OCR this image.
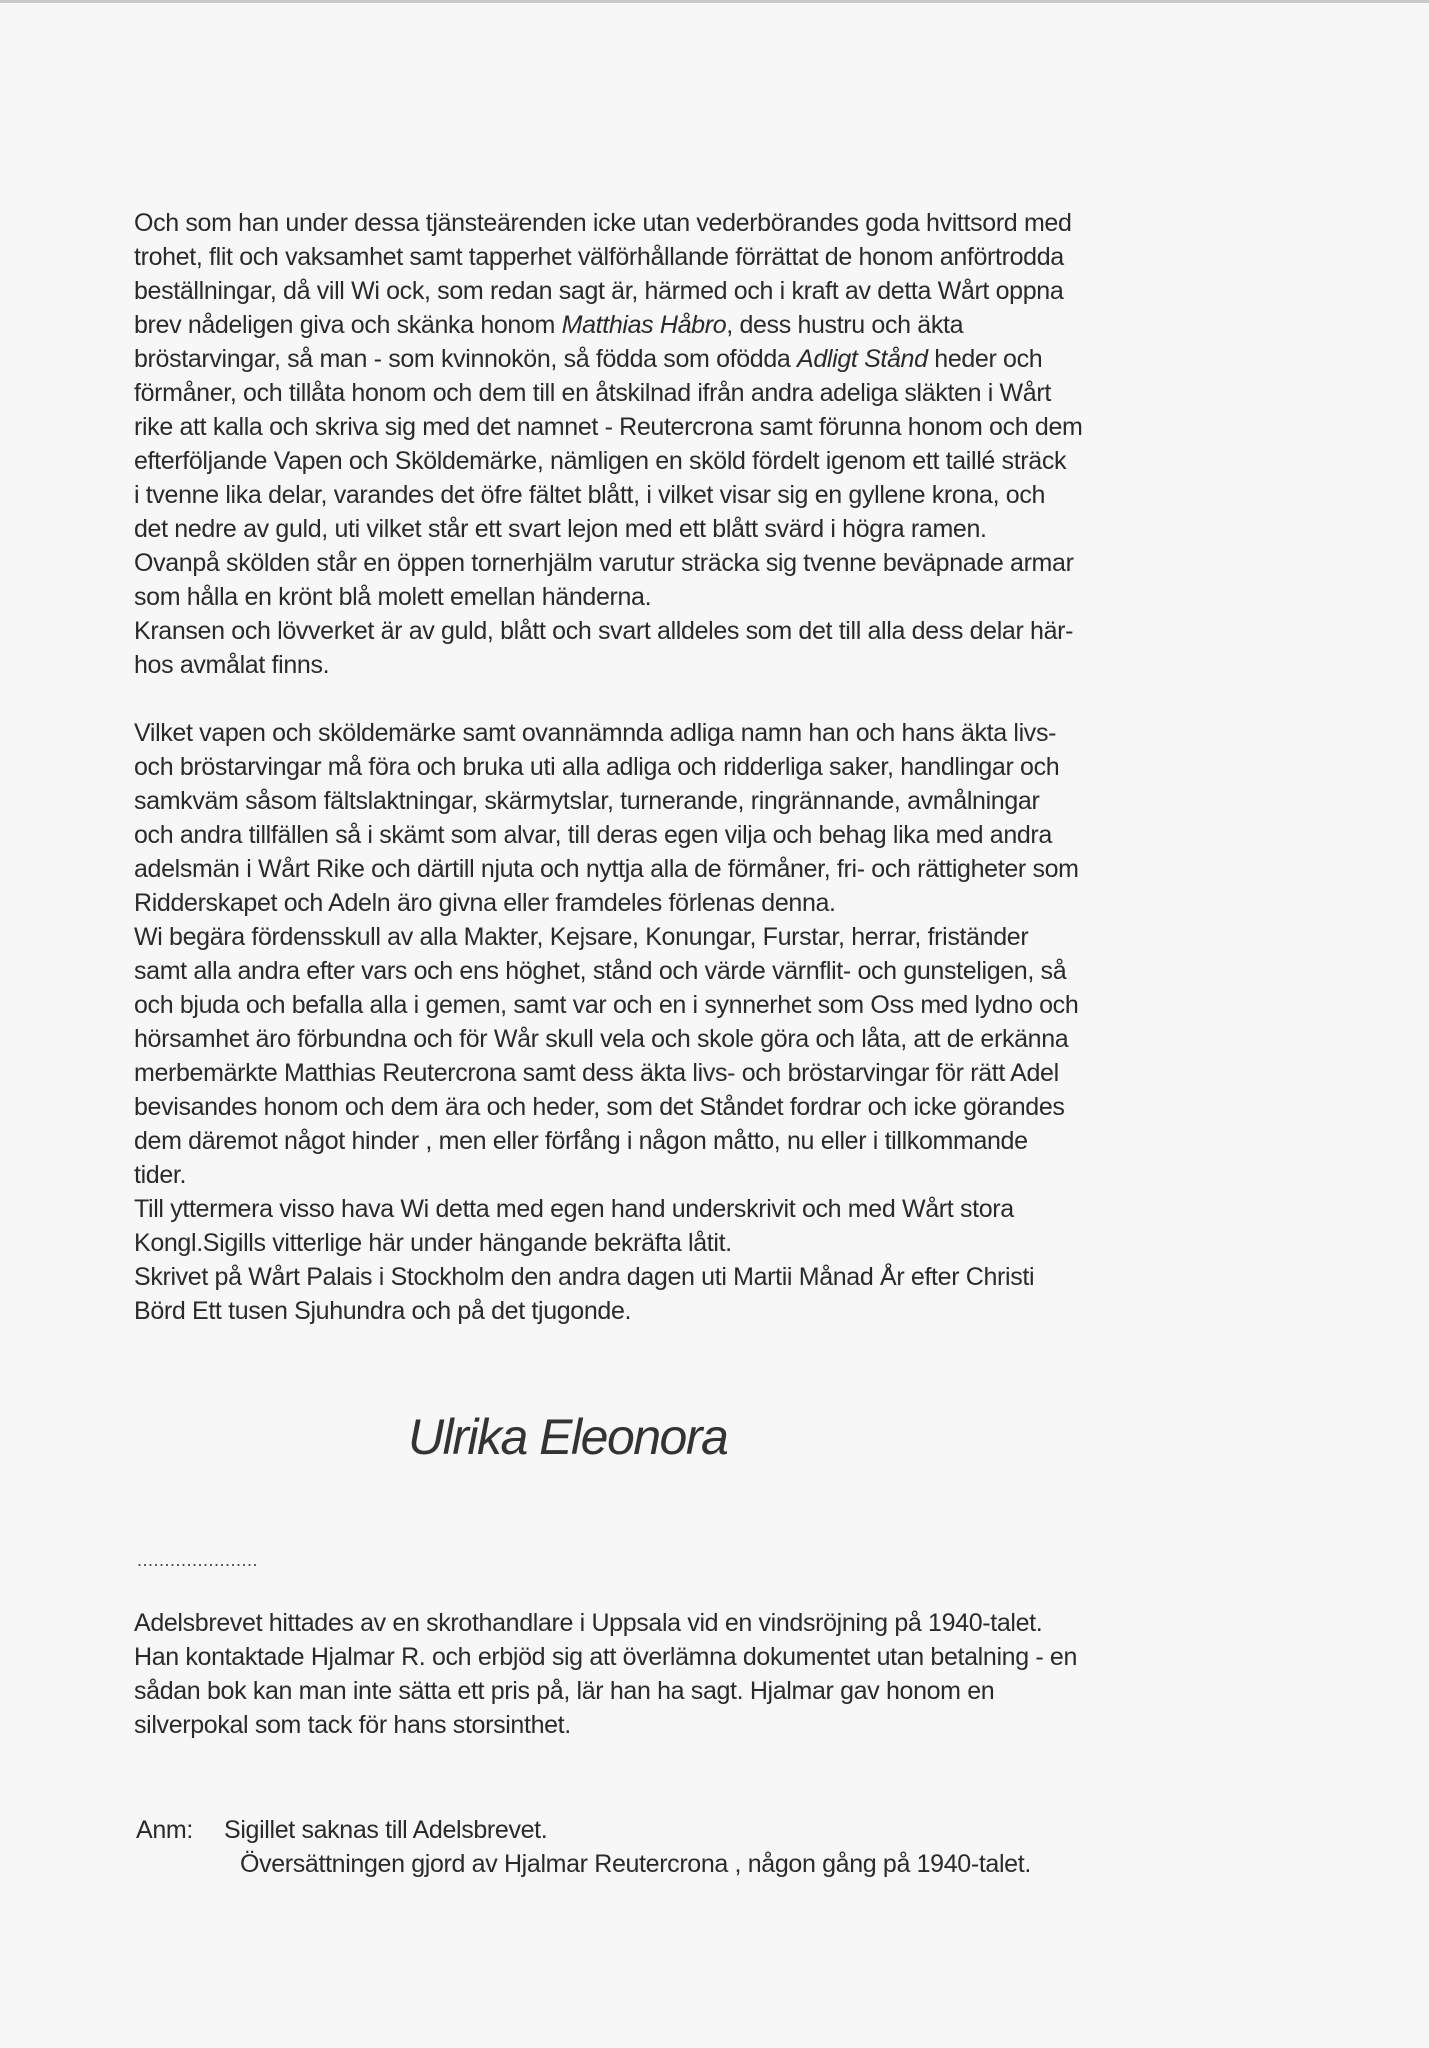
Och som han under dessa tjänsteärenden icke utan vederbörandes goda hvittsord med
trohet, flit och vaksamhet samt tapperhet välförhållande förrättat de honom anförtrodda
beställningar, då vill Wi ock, som redan sagt är, härmed och i kraft av detta Wårt oppna
brev nådeligen giva och skänka honom Matthias Håbro, dess hustru och äkta
bröstarvingar, så man - som kvinnokön, så födda som ofödda Adligt Stånd heder och
förmåner, och tillåta honom och dem till en åtskilnad ifrån andra adeliga släkten i Wårt
rike att kalla och skriva sig med det namnet - Reutercrona samt förunna honom och dem
efterföljande Vapen och Sköldemärke, nämligen en sköld fördelt igenom ett taillé sträck
i tvenne lika delar, varandes det öfre fältet blått, i vilket visar sig en gyllene krona, och
det nedre av guld, uti vilket står ett svart lejon med ett blått svärd i högra ramen.
Ovanpå skölden står en öppen tornerhjälm varutur sträcka sig tvenne beväpnade armar
som hålla en krönt blå molett emellan händerna.
Kransen och lövverket är av guld, blått och svart alldeles som det till alla dess delar här-
hos avmålat finns.

Vilket vapen och sköldemärke samt ovannämnda adliga namn han och hans äkta livs-
och bröstarvingar må föra och bruka uti alla adliga och ridderliga saker, handlingar och
samkväm såsom fältslaktningar, skärmytslar, turnerande, ringrännande, avmålningar
och andra tillfällen så i skämt som alvar, till deras egen vilja och behag lika med andra
adelsmän i Wårt Rike och därtill njuta och nyttja alla de förmåner, fri- och rättigheter som
Ridderskapet och Adeln äro givna eller framdeles förlenas denna.
Wi begära fördensskull av alla Makter, Kejsare, Konungar, Furstar, herrar, friständer
samt alla andra efter vars och ens höghet, stånd och värde värnflit- och gunsteligen, så
och bjuda och befalla alla i gemen, samt var och en i synnerhet som Oss med lydno och
hörsamhet äro förbundna och för Wår skull vela och skole göra och låta, att de erkänna
merbemärkte Matthias Reutercrona samt dess äkta livs- och bröstarvingar för rätt Adel
bevisandes honom och dem ära och heder, som det Ståndet fordrar och icke görandes
dem däremot något hinder , men eller förfång i någon måtto, nu eller i tillkommande
tider.
Till yttermera visso hava Wi detta med egen hand underskrivit och med Wårt stora
Kongl.Sigills vitterlige här under hängande bekräfta låtit.
Skrivet på Wårt Palais i Stockholm den andra dagen uti Martii Månad År efter Christi
Börd Ett tusen Sjuhundra och på det tjugonde.

Ulrika Eleonora
......................
Adelsbrevet hittades av en skrothandlare i Uppsala vid en vindsröjning på 1940-talet.
Han kontaktade Hjalmar R. och erbjöd sig att överlämna dokumentet utan betalning - en
sådan bok kan man inte sätta ett pris på, lär han ha sagt. Hjalmar gav honom en
silverpokal som tack för hans storsinthet.
Anm: Sigillet saknas till Adelsbrevet.
Översättningen gjord av Hjalmar Reutercrona , någon gång på 1940-talet.
